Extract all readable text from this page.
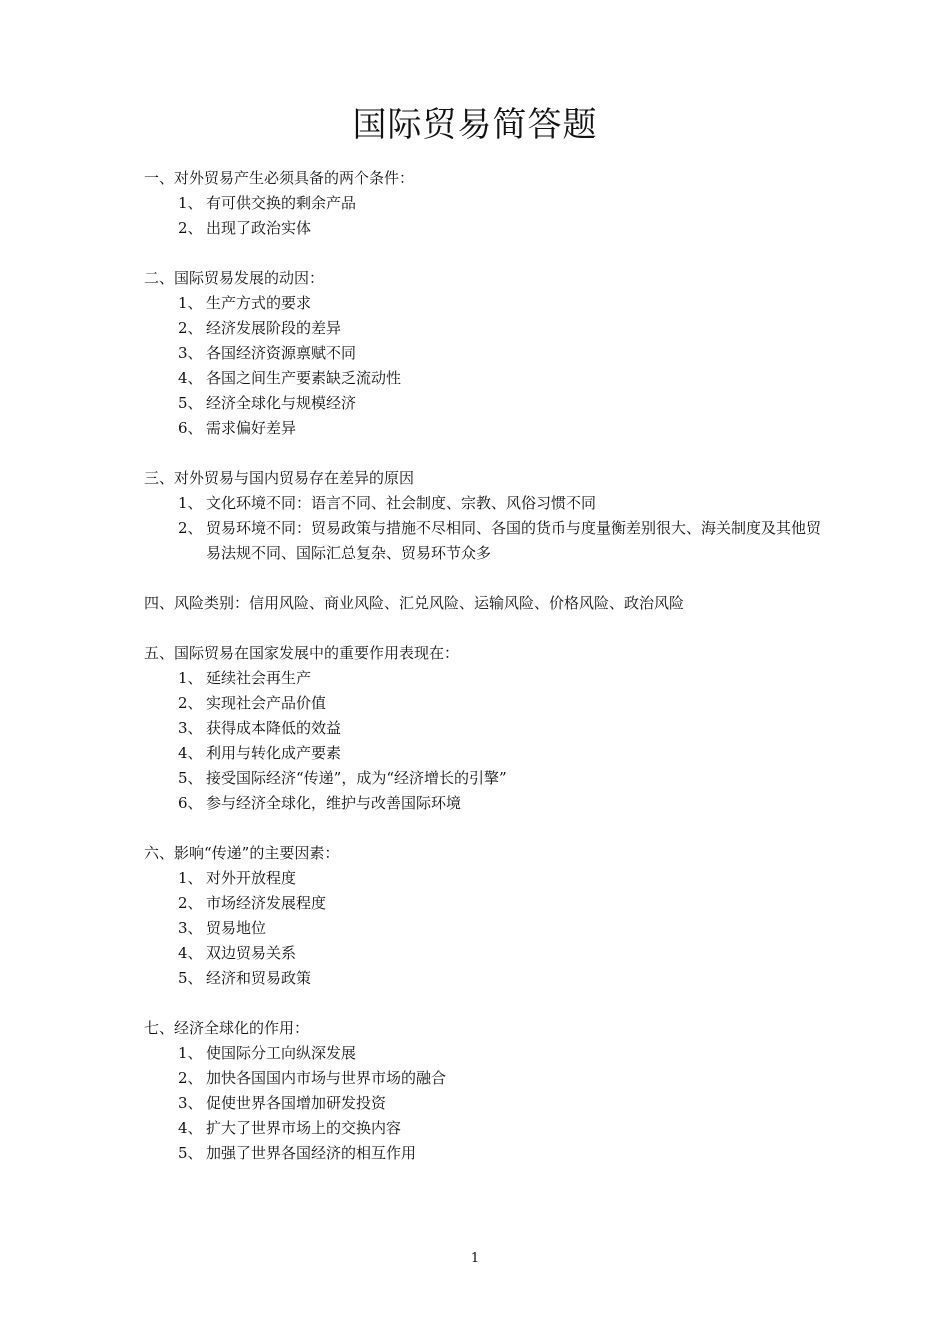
国际贸易简答题
一、对外贸易产生必须具备的两个条件：
1、 有可供交换的剩余产品
2、 出现了政治实体
二、国际贸易发展的动因：
1、 生产方式的要求
2、 经济发展阶段的差异
3、 各国经济资源禀赋不同
4、 各国之间生产要素缺乏流动性
5、 经济全球化与规模经济
6、 需求偏好差异
三、对外贸易与国内贸易存在差异的原因
1、 文化环境不同：语言不同、社会制度、宗教、风俗习惯不同
2、 贸易环境不同：贸易政策与措施不尽相同、各国的货币与度量衡差别很大、海关制度及其他贸易法规不同、国际汇总复杂、贸易环节众多
四、风险类别：信用风险、商业风险、汇兑风险、运输风险、价格风险、政治风险
五、国际贸易在国家发展中的重要作用表现在：
1、 延续社会再生产
2、 实现社会产品价值
3、 获得成本降低的效益
4、 利用与转化成产要素
5、 接受国际经济“传递”，成为“经济增长的引擎”
6、 参与经济全球化，维护与改善国际环境
六、影响“传递”的主要因素：
1、 对外开放程度
2、 市场经济发展程度
3、 贸易地位
4、 双边贸易关系
5、 经济和贸易政策
七、经济全球化的作用：
1、 使国际分工向纵深发展
2、 加快各国国内市场与世界市场的融合
3、 促使世界各国增加研发投资
4、 扩大了世界市场上的交换内容
5、 加强了世界各国经济的相互作用
1
